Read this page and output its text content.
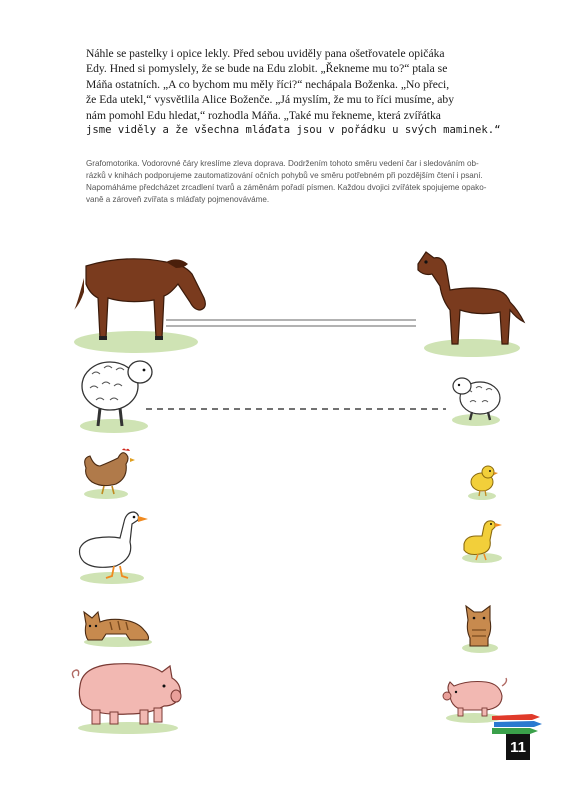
Náhle se pastelky i opice lekly. Před sebou uviděly pana ošetřovatele opičáka
Edy. Hned si pomyslely, že se bude na Edu zlobit. „Řekneme mu to?“ ptala se
Máňa ostatních. „A co bychom mu měly říci?“ nechápala Boženka. „No přeci,
že Eda utekl,“ vysvětlila Alice Boženče. „Já myslím, že mu to říci musíme, aby
nám pomohl Edu hledat,“ rozhodla Máňa. „Také mu řekneme, která zvířátka
jsme viděly a že všechna mláďata jsou v pořádku u svých maminek.“
Grafomotorika. Vodorovné čáry kreslíme zleva doprava. Dodržením tohoto směru vedení čar i sledováním ob-
rázků v knihách podporujeme zautomatizování očních pohybů ve směru potřebném při pozdějším čtení i psaní.
Napomáháme předcházet zrcadlení tvarů a záměnám pořadí písmen. Každou dvojici zvířátek spojujeme opako-
vaně a zároveň zvířata s mláďaty pojmenováváme.
11
